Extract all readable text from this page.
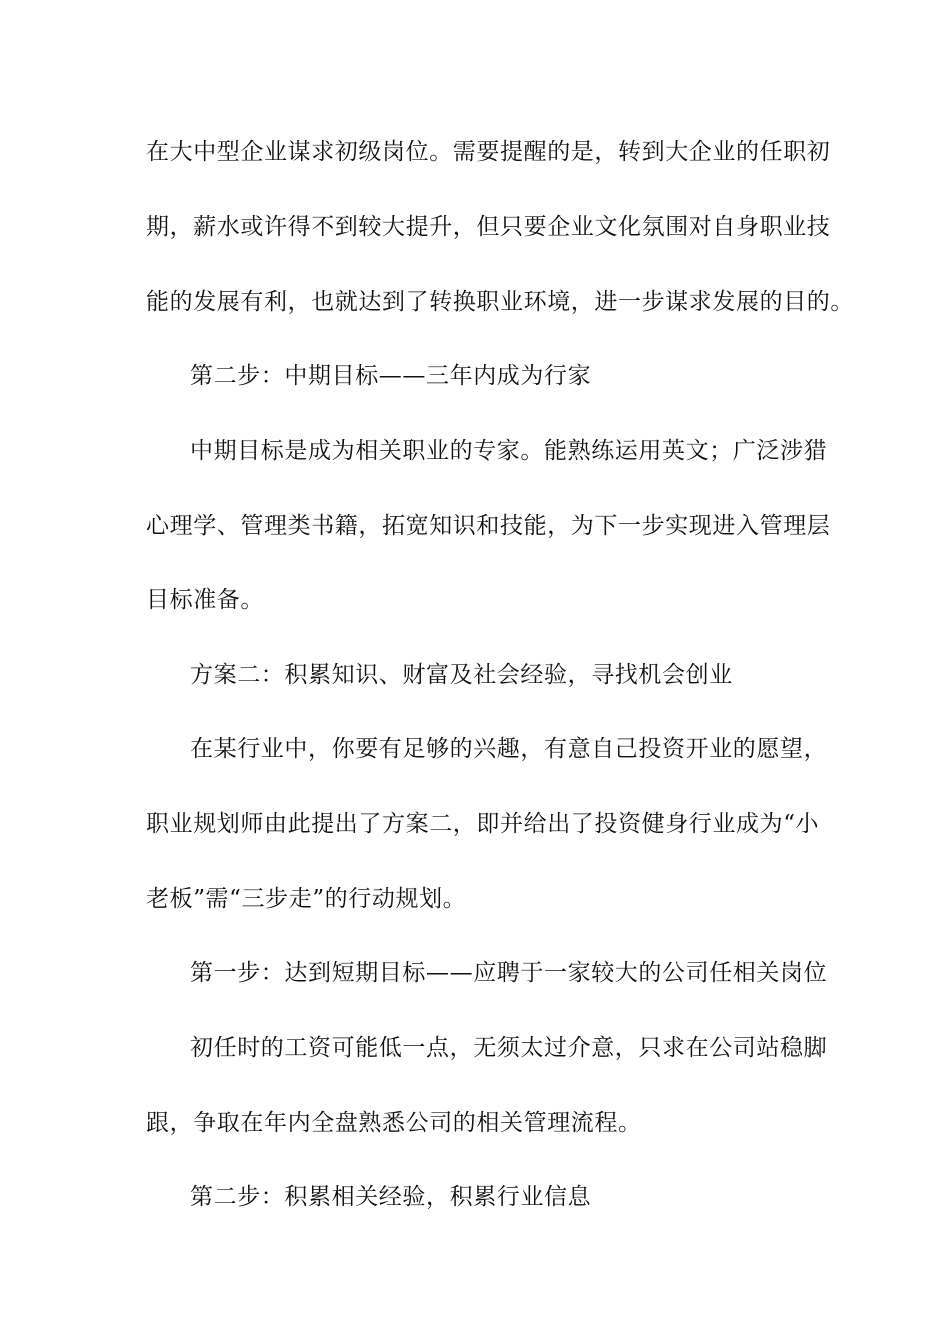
在大中型企业谋求初级岗位。需要提醒的是，转到大企业的任职初
期，薪水或许得不到较大提升，但只要企业文化氛围对自身职业技
能的发展有利，也就达到了转换职业环境，进一步谋求发展的目的。
第二步：中期目标——三年内成为行家
中期目标是成为相关职业的专家。能熟练运用英文；广泛涉猎
心理学、管理类书籍，拓宽知识和技能，为下一步实现进入管理层
目标准备。
方案二：积累知识、财富及社会经验，寻找机会创业
在某行业中，你要有足够的兴趣，有意自己投资开业的愿望，
职业规划师由此提出了方案二，即并给出了投资健身行业成为“小
老板”需“三步走”的行动规划。
第一步：达到短期目标——应聘于一家较大的公司任相关岗位
初任时的工资可能低一点，无须太过介意，只求在公司站稳脚
跟，争取在年内全盘熟悉公司的相关管理流程。
第二步：积累相关经验，积累行业信息
